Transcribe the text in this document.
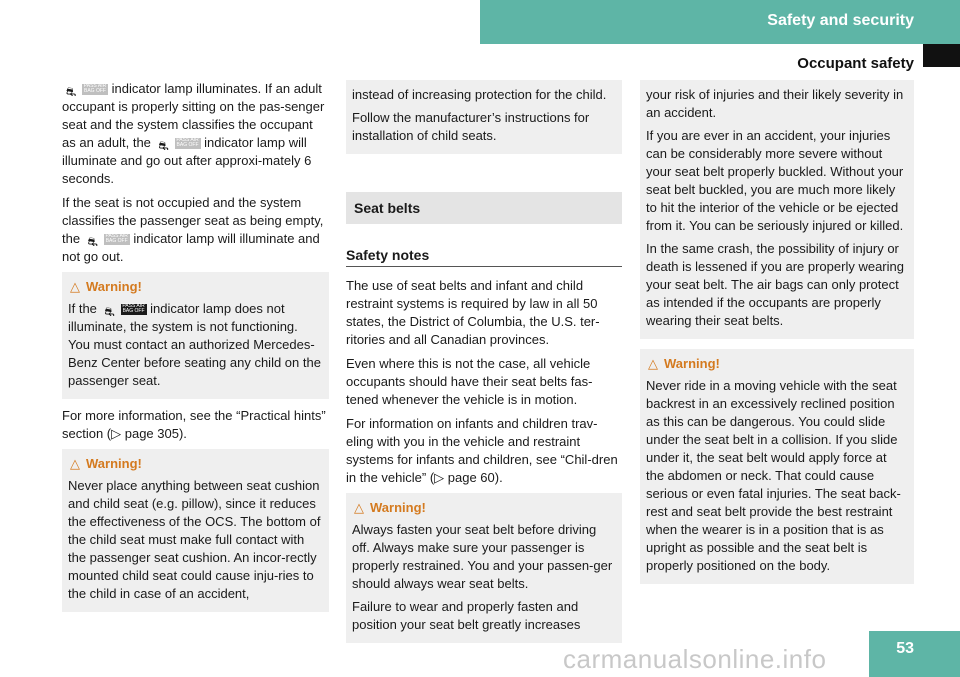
Safety and security
Occupant safety

⛐ PASS AIR BAG OFF indicator lamp illuminates. If an adult occupant is properly sitting on the pas-senger seat and the system classifies the occupant as an adult, the ⛐ PASS AIR BAG OFF indicator lamp will illuminate and go out after approxi-mately 6 seconds.

If the seat is not occupied and the system classifies the passenger seat as being empty, the ⛐ PASS AIR BAG OFF indicator lamp will illuminate and not go out.

△ Warning!

If the ⛐ PASS AIR BAG OFF indicator lamp does not illuminate, the system is not functioning. You must contact an authorized Mercedes-Benz Center before seating any child on the passenger seat.

For more information, see the “Practical hints” section (▷ page 305).

△ Warning!

Never place anything between seat cushion and child seat (e.g. pillow), since it reduces the effectiveness of the OCS. The bottom of the child seat must make full contact with the passenger seat cushion. An incor-rectly mounted child seat could cause inju-ries to the child in case of an accident,

instead of increasing protection for the child.

Follow the manufacturer’s instructions for installation of child seats.

Seat belts
Safety notes

The use of seat belts and infant and child restraint systems is required by law in all 50 states, the District of Columbia, the U.S. ter-ritories and all Canadian provinces.

Even where this is not the case, all vehicle occupants should have their seat belts fas-tened whenever the vehicle is in motion.

For information on infants and children trav-eling with you in the vehicle and restraint systems for infants and children, see “Chil-dren in the vehicle” (▷ page 60).

△ Warning!

Always fasten your seat belt before driving off. Always make sure your passenger is properly restrained. You and your passen-ger should always wear seat belts.

Failure to wear and properly fasten and position your seat belt greatly increases

your risk of injuries and their likely severity in an accident.

If you are ever in an accident, your injuries can be considerably more severe without your seat belt properly buckled. Without your seat belt buckled, you are much more likely to hit the interior of the vehicle or be ejected from it. You can be seriously injured or killed.

In the same crash, the possibility of injury or death is lessened if you are properly wearing your seat belt. The air bags can only protect as intended if the occupants are properly wearing their seat belts.

△ Warning!

Never ride in a moving vehicle with the seat backrest in an excessively reclined position as this can be dangerous. You could slide under the seat belt in a collision. If you slide under it, the seat belt would apply force at the abdomen or neck. That could cause serious or even fatal injuries. The seat back-rest and seat belt provide the best restraint when the wearer is in a position that is as upright as possible and the seat belt is properly positioned on the body.

53
carmanualsonline.info
